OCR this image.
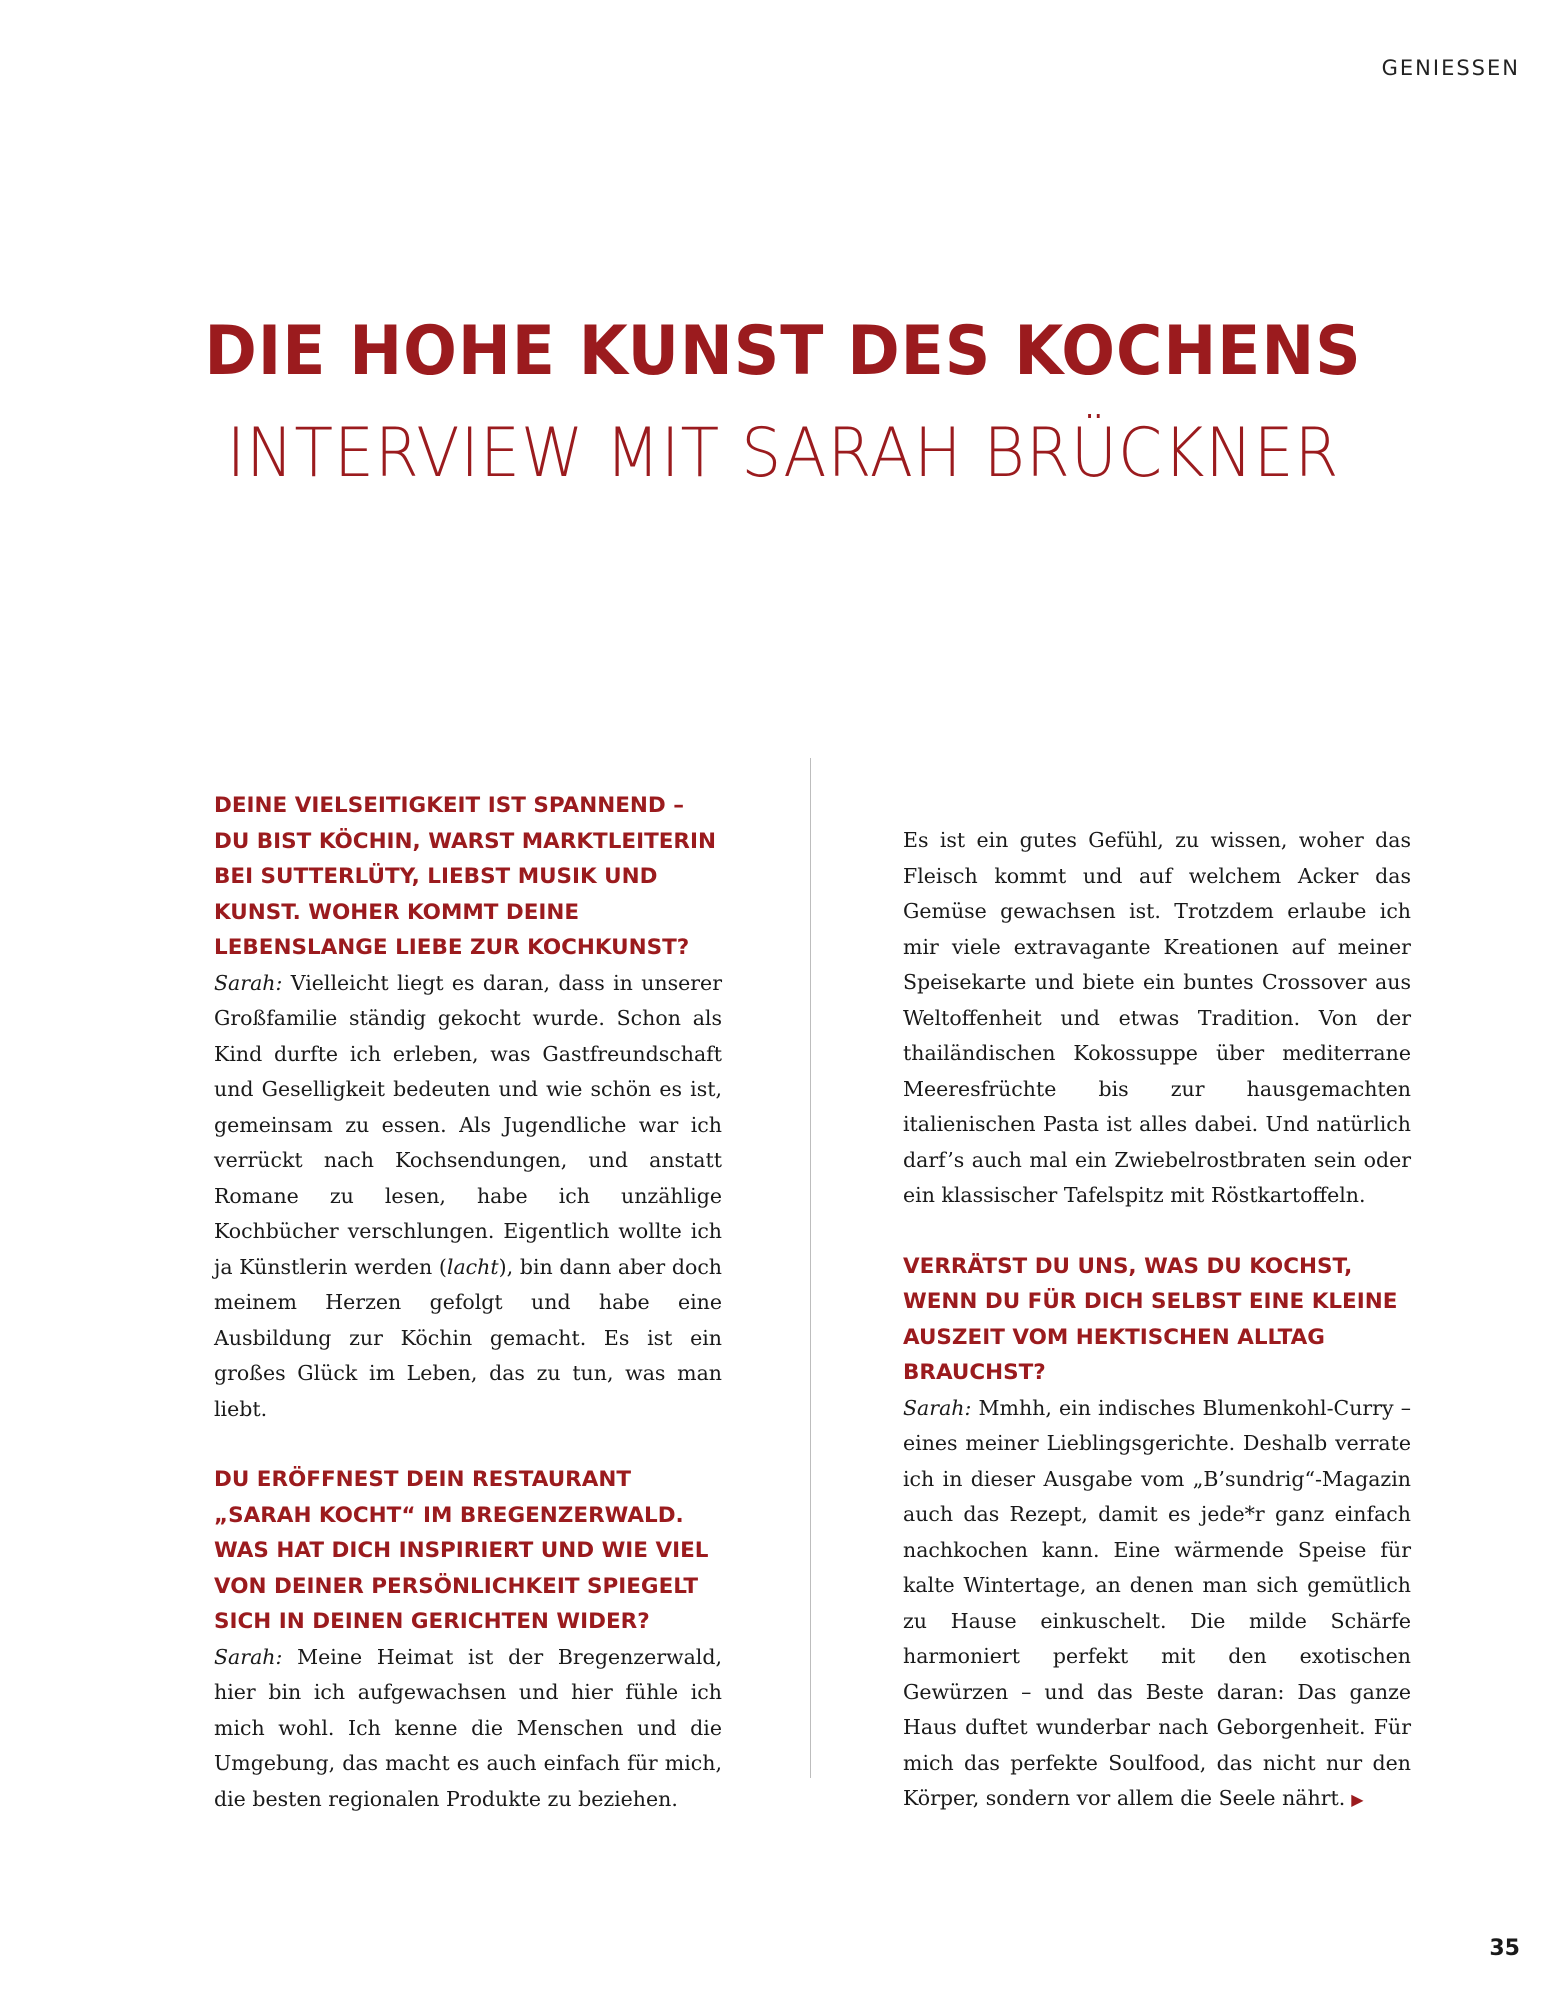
GENIESSEN
DIE HOHE KUNST DES KOCHENS
INTERVIEW MIT SARAH BRÜCKNER

DEINE VIELSEITIGKEIT IST SPANNEND – DU BIST KÖCHIN, WARST MARKTLEITERIN BEI SUTTERLÜTY, LIEBST MUSIK UND KUNST. WOHER KOMMT DEINE LEBENSLANGE LIEBE ZUR KOCHKUNST?

Sarah: Vielleicht liegt es daran, dass in unserer Großfamilie ständig gekocht wurde. Schon als Kind durfte ich erleben, was Gastfreundschaft und Geselligkeit bedeuten und wie schön es ist, gemeinsam zu essen. Als Jugendliche war ich verrückt nach Kochsendungen, und anstatt Romane zu lesen, habe ich unzählige Kochbücher verschlungen. Eigentlich wollte ich ja Künstlerin werden (lacht), bin dann aber doch meinem Herzen gefolgt und habe eine Ausbildung zur Köchin gemacht. Es ist ein großes Glück im Leben, das zu tun, was man liebt.

DU ERÖFFNEST DEIN RESTAURANT „SARAH KOCHT“ IM BREGENZERWALD. WAS HAT DICH INSPIRIERT UND WIE VIEL VON DEINER PERSÖNLICHKEIT SPIEGELT SICH IN DEINEN GERICHTEN WIDER?

Sarah: Meine Heimat ist der Bregenzerwald, hier bin ich aufgewachsen und hier fühle ich mich wohl. Ich kenne die Menschen und die Umgebung, das macht es auch einfach für mich, die besten regionalen Produkte zu beziehen.

Es ist ein gutes Gefühl, zu wissen, woher das Fleisch kommt und auf welchem Acker das Gemüse gewachsen ist. Trotzdem erlaube ich mir viele extravagante Kreationen auf meiner Speisekarte und biete ein buntes Crossover aus Weltoffenheit und etwas Tradition. Von der thailändischen Kokossuppe über mediterrane Meeresfrüchte bis zur hausgemachten italienischen Pasta ist alles dabei. Und natürlich darf’s auch mal ein Zwiebelrostbraten sein oder ein klassischer Tafelspitz mit Röstkartoffeln.

VERRÄTST DU UNS, WAS DU KOCHST, WENN DU FÜR DICH SELBST EINE KLEINE AUSZEIT VOM HEKTISCHEN ALLTAG BRAUCHST?

Sarah: Mmhh, ein indisches Blumenkohl-Curry – eines meiner Lieblingsgerichte. Deshalb verrate ich in dieser Ausgabe vom „B’sundrig“-Magazin auch das Rezept, damit es jede*r ganz einfach nachkochen kann. Eine wärmende Speise für kalte Wintertage, an denen man sich gemütlich zu Hause einkuschelt. Die milde Schärfe harmoniert perfekt mit den exotischen Gewürzen – und das Beste daran: Das ganze Haus duftet wunderbar nach Geborgenheit. Für mich das perfekte Soulfood, das nicht nur den Körper, sondern vor allem die Seele nährt. ▶

35
